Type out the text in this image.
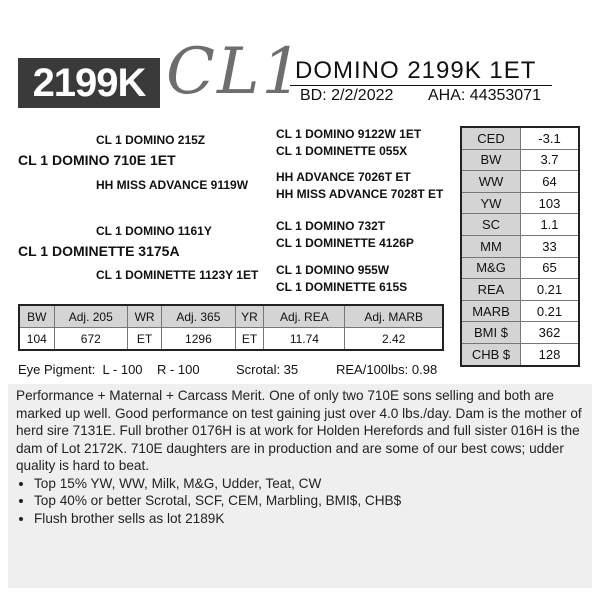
2199K CL1
DOMINO 2199K 1ET
BD: 2/2/2022 AHA: 44353071
CL 1 DOMINO 215Z
CL 1 DOMINO 710E 1ET
HH MISS ADVANCE 9119W
CL 1 DOMINO 9122W 1ET
CL 1 DOMINETTE 055X
HH ADVANCE 7026T ET
HH MISS ADVANCE 7028T ET
CL 1 DOMINO 1161Y
CL 1 DOMINETTE 3175A
CL 1 DOMINETTE 1123Y 1ET
CL 1 DOMINO 732T
CL 1 DOMINETTE 4126P
CL 1 DOMINO 955W
CL 1 DOMINETTE 615S
CED	-3.1
BW	3.7
WW	64
YW	103
SC	1.1
MM	33
M&G	65
REA	0.21
MARB	0.21
BMI $	362
CHB $	128
BW	Adj. 205	WR	Adj. 365	YR	Adj. REA	Adj. MARB
104	672	ET	1296	ET	11.74	2.42
Eye Pigment:  L - 100    R - 100	Scrotal: 35	REA/100lbs: 0.98

Performance + Maternal + Carcass Merit. One of only two 710E sons selling and both are marked up well. Good performance on test gaining just over 4.0 lbs./day. Dam is the mother of herd sire 7131E. Full brother 0176H is at work for Holden Herefords and full sister 016H is the dam of Lot 2172K. 710E daughters are in production and are some of our best cows; udder quality is hard to beat.

• Top 15% YW, WW, Milk, M&G, Udder, Teat, CW
• Top 40% or better Scrotal, SCF, CEM, Marbling, BMI$, CHB$
• Flush brother sells as lot 2189K
